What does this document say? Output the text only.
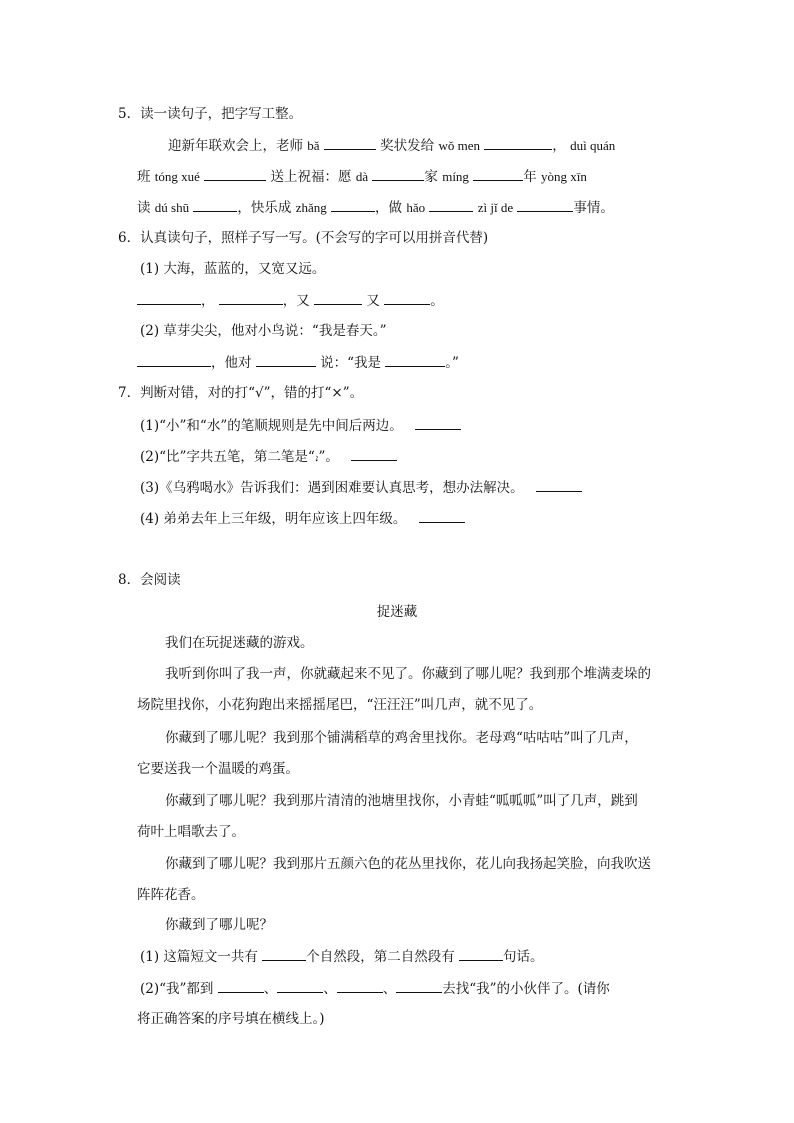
5．读一读句子，把字写工整。
迎新年联欢会上，老师 bǎ	奖状发给 wǒ men	， duì quán
班 tóng xué	送上祝福：愿 dà	家 míng	年 yòng xīn
读 dú shū	，快乐成 zhǎng	，做 hǎo	zì jǐ de	事情。
6．认真读句子，照样子写一写。(不会写的字可以用拼音代替)
(1) 大海，蓝蓝的，又宽又远。
，	，又	又	。
(2) 草芽尖尖，他对小鸟说：“我是春天。”
，他对	说：“我是	。”
7．判断对错，对的打“√”，错的打“×”。
(1)“小”和“水”的笔顺规则是先中间后两边。
(2)“比”字共五笔，第二笔是“⹌”。
(3)《乌鸦喝水》告诉我们：遇到困难要认真思考，想办法解决。
(4) 弟弟去年上三年级，明年应该上四年级。
8．会阅读
捉迷藏
我们在玩捉迷藏的游戏。
我听到你叫了我一声，你就藏起来不见了。你藏到了哪儿呢？我到那个堆满麦垛的
场院里找你，小花狗跑出来摇摇尾巴，“汪汪汪”叫几声，就不见了。
你藏到了哪儿呢？我到那个铺满稻草的鸡舍里找你。老母鸡“咕咕咕”叫了几声，
它要送我一个温暖的鸡蛋。
你藏到了哪儿呢？我到那片清清的池塘里找你，小青蛙“呱呱呱”叫了几声，跳到
荷叶上唱歌去了。
你藏到了哪儿呢？我到那片五颜六色的花丛里找你，花儿向我扬起笑脸，向我吹送
阵阵花香。
你藏到了哪儿呢？
(1) 这篇短文一共有	个自然段，第二自然段有	句话。
(2)“我”都到	、	、	、	去找“我”的小伙伴了。(请你
将正确答案的序号填在横线上。)
